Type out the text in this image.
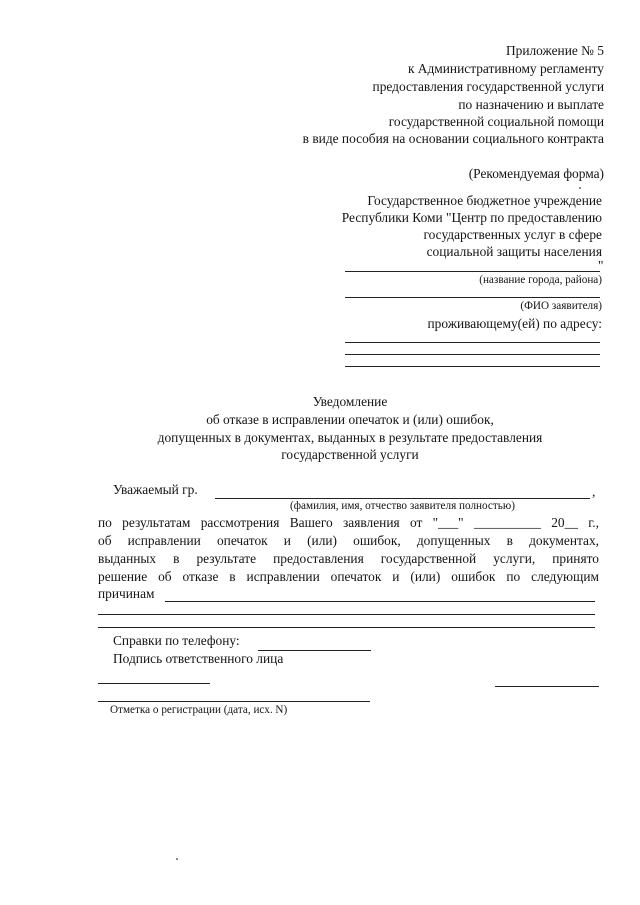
Приложение № 5
к Административному регламенту
предоставления государственной услуги
по назначению и выплате
государственной социальной помощи
в виде пособия на основании социального контракта
(Рекомендуемая форма)
Государственное бюджетное учреждение
Республики Коми "Центр по предоставлению
государственных услуг в сфере
социальной защиты населения
"
(название города, района)
(ФИО заявителя)
проживающему(ей) по адресу:
Уведомление
об отказе в исправлении опечаток и (или) ошибок,
допущенных в документах, выданных в результате предоставления
государственной услуги
Уважаемый гр.	,
(фамилия, имя, отчество заявителя полностью)
по результатам рассмотрения Вашего заявления от "___" __________ 20__ г.,
об исправлении опечаток и (или) ошибок, допущенных в документах,
выданных в результате предоставления государственной услуги, принято
решение об отказе в исправлении опечаток и (или) ошибок по следующим
причинам
Справки по телефону:
Подпись ответственного лица
Отметка о регистрации (дата, исх. N)
